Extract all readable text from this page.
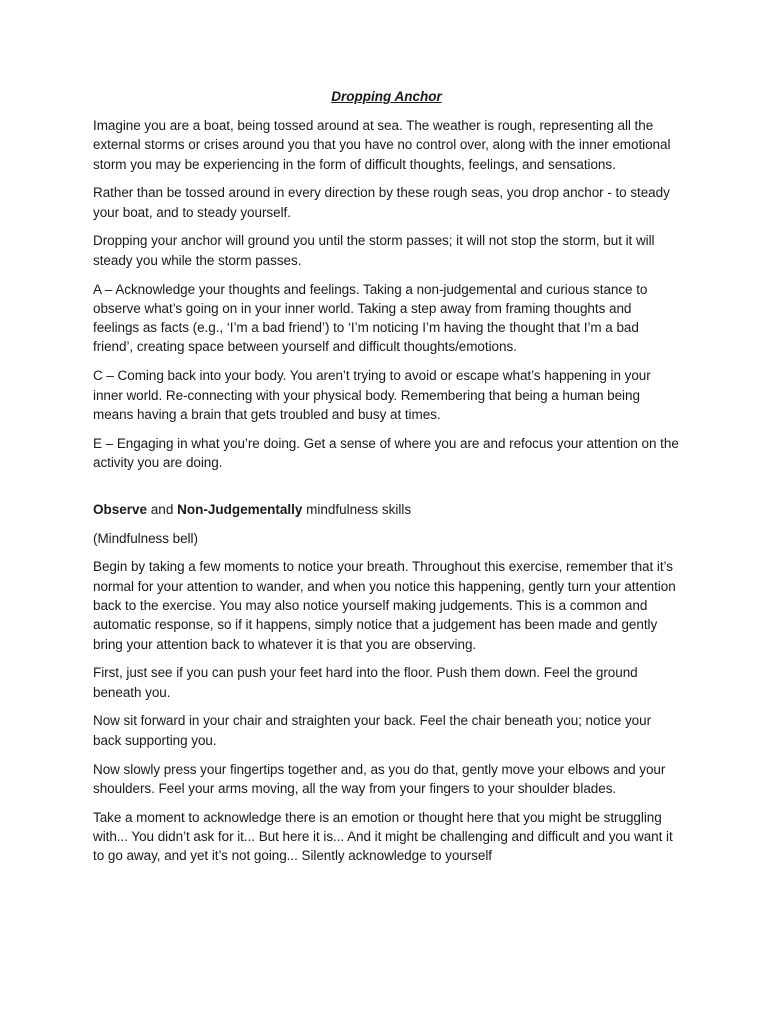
Dropping Anchor

Imagine you are a boat, being tossed around at sea. The weather is rough, representing all the external storms or crises around you that you have no control over, along with the inner emotional storm you may be experiencing in the form of difficult thoughts, feelings, and sensations.

Rather than be tossed around in every direction by these rough seas, you drop anchor - to steady your boat, and to steady yourself.

Dropping your anchor will ground you until the storm passes; it will not stop the storm, but it will steady you while the storm passes.

A – Acknowledge your thoughts and feelings. Taking a non-judgemental and curious stance to observe what’s going on in your inner world. Taking a step away from framing thoughts and feelings as facts (e.g., ‘I’m a bad friend’) to ‘I’m noticing I’m having the thought that I’m a bad friend’, creating space between yourself and difficult thoughts/emotions.

C – Coming back into your body. You aren’t trying to avoid or escape what’s happening in your inner world. Re-connecting with your physical body. Remembering that being a human being means having a brain that gets troubled and busy at times.

E – Engaging in what you’re doing. Get a sense of where you are and refocus your attention on the activity you are doing.

Observe and Non-Judgementally mindfulness skills

(Mindfulness bell)

Begin by taking a few moments to notice your breath. Throughout this exercise, remember that it’s normal for your attention to wander, and when you notice this happening, gently turn your attention back to the exercise. You may also notice yourself making judgements. This is a common and automatic response, so if it happens, simply notice that a judgement has been made and gently bring your attention back to whatever it is that you are observing.

First, just see if you can push your feet hard into the floor. Push them down. Feel the ground beneath you.

Now sit forward in your chair and straighten your back. Feel the chair beneath you; notice your back supporting you.

Now slowly press your fingertips together and, as you do that, gently move your elbows and your shoulders. Feel your arms moving, all the way from your fingers to your shoulder blades.

Take a moment to acknowledge there is an emotion or thought here that you might be struggling with... You didn’t ask for it... But here it is... And it might be challenging and difficult and you want it to go away, and yet it’s not going... Silently acknowledge to yourself
